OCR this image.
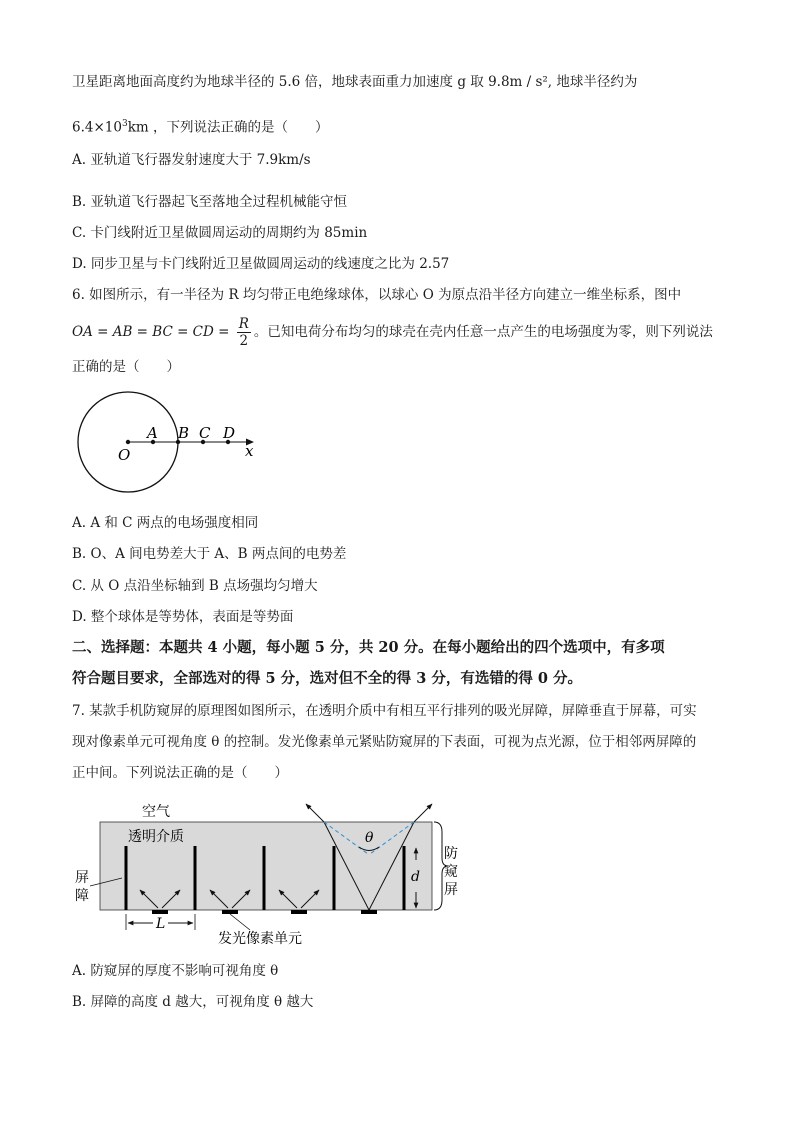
卫星距离地面高度约为地球半径的 5.6 倍，地球表面重力加速度 g 取 9.8m / s², 地球半径约为
$6.4\times 10^3km$ ，下列说法正确的是（　　）
A. 亚轨道飞行器发射速度大于 7.9km/s
B. 亚轨道飞行器起飞至落地全过程机械能守恒
C. 卡门线附近卫星做圆周运动的周期约为 85min
D. 同步卫星与卡门线附近卫星做圆周运动的线速度之比为 2.57
6. 如图所示，有一半径为 R 均匀带正电绝缘球体，以球心 O 为原点沿半径方向建立一维坐标系，图中
OA = AB = BC = CD = $\frac{R}{2}$ 。已知电荷分布均匀的球壳在壳内任意一点产生的电场强度为零，则下列说法
正确的是（　　）
O
A B C D
x
A. A 和 C 两点的电场强度相同
B. O、A 间电势差大于 A、B 两点间的电势差
C. 从 O 点沿坐标轴到 B 点场强均匀增大
D. 整个球体是等势体，表面是等势面
二、选择题：本题共 4 小题，每小题 5 分，共 20 分。在每小题给出的四个选项中，有多项
符合题目要求，全部选对的得 5 分，选对但不全的得 3 分，有选错的得 0 分。
7. 某款手机防窥屏的原理图如图所示，在透明介质中有相互平行排列的吸光屏障，屏障垂直于屏幕，可实
现对像素单元可视角度 θ 的控制。发光像素单元紧贴防窥屏的下表面，可视为点光源，位于相邻两屏障的
正中间。下列说法正确的是（　　）
空气
透明介质	θ
d
防
窥
屏
屏
障
L
发光像素单元
A. 防窥屏的厚度不影响可视角度 θ
B. 屏障的高度 d 越大，可视角度 θ 越大
